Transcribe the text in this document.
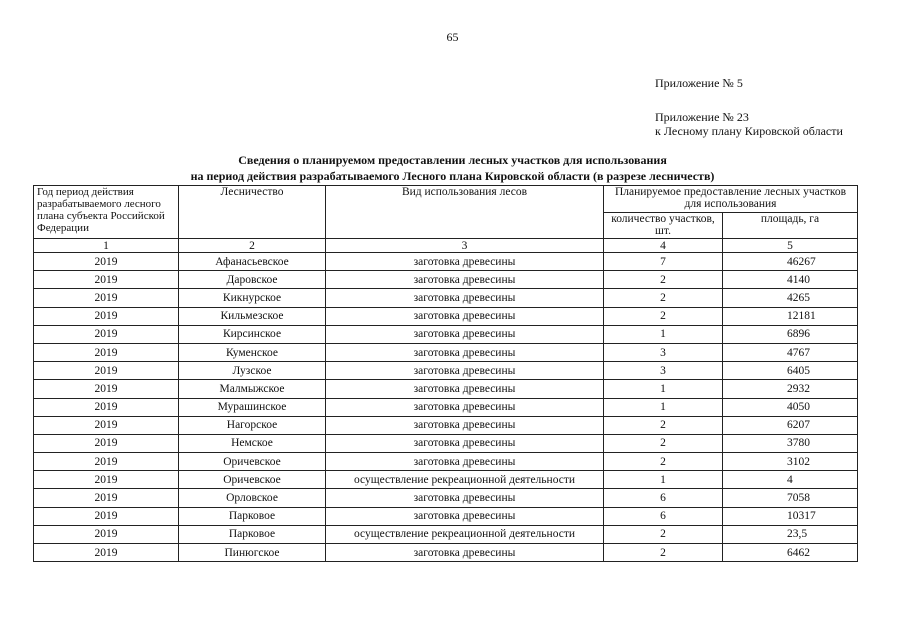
65
Приложение № 5
Приложение № 23
к Лесному плану Кировской области
Сведения о планируемом предоставлении лесных участков для использования
на период действия разрабатываемого Лесного плана Кировской области (в разрезе лесничеств)
Год период действия разрабатываемого лесного плана субъекта Российской Федерации	Лесничество	Вид использования лесов	Планируемое предоставление лесных участков для использования	
			количество участков, шт.	площадь, га
1	2	3	4	5
2019	Афанасьевское	заготовка древесины	7	46267
2019	Даровское	заготовка древесины	2	4140
2019	Кикнурское	заготовка древесины	2	4265
2019	Кильмезское	заготовка древесины	2	12181
2019	Кирсинское	заготовка древесины	1	6896
2019	Куменское	заготовка древесины	3	4767
2019	Лузское	заготовка древесины	3	6405
2019	Малмыжское	заготовка древесины	1	2932
2019	Мурашинское	заготовка древесины	1	4050
2019	Нагорское	заготовка древесины	2	6207
2019	Немское	заготовка древесины	2	3780
2019	Оричевское	заготовка древесины	2	3102
2019	Оричевское	осуществление рекреационной деятельности	1	4
2019	Орловское	заготовка древесины	6	7058
2019	Парковое	заготовка древесины	6	10317
2019	Парковое	осуществление рекреационной деятельности	2	23,5
2019	Пинюгское	заготовка древесины	2	6462
